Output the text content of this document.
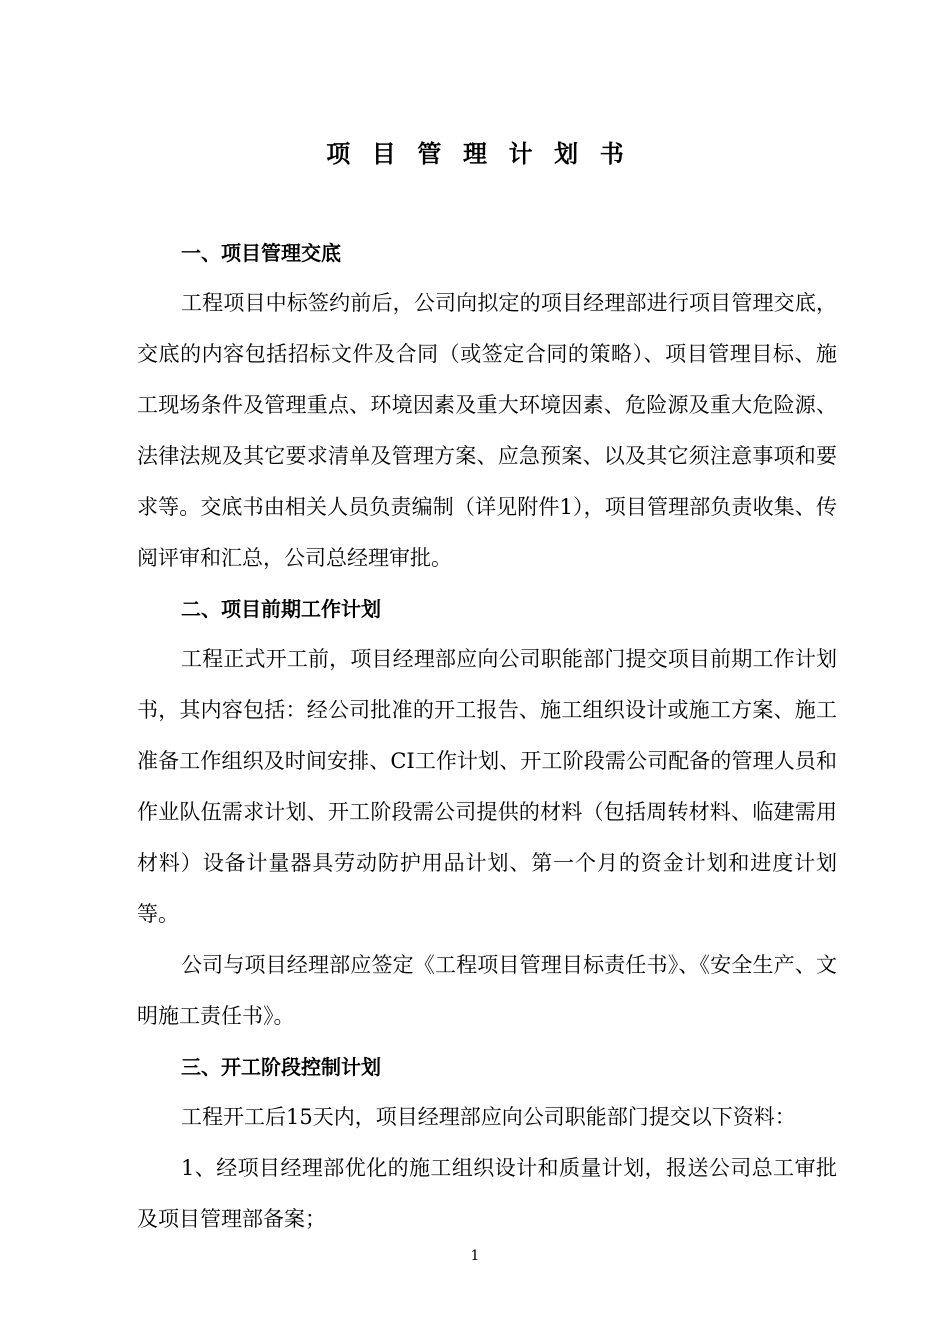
项目管理计划书

一、项目管理交底

工程项目中标签约前后，公司向拟定的项目经理部进行项目管理交底，交底的内容包括招标文件及合同（或签定合同的策略）、项目管理目标、施工现场条件及管理重点、环境因素及重大环境因素、危险源及重大危险源、法律法规及其它要求清单及管理方案、应急预案、以及其它须注意事项和要求等。交底书由相关人员负责编制（详见附件1），项目管理部负责收集、传阅评审和汇总，公司总经理审批。

二、项目前期工作计划

工程正式开工前，项目经理部应向公司职能部门提交项目前期工作计划书，其内容包括：经公司批准的开工报告、施工组织设计或施工方案、施工准备工作组织及时间安排、CI工作计划、开工阶段需公司配备的管理人员和作业队伍需求计划、开工阶段需公司提供的材料（包括周转材料、临建需用材料）设备计量器具劳动防护用品计划、第一个月的资金计划和进度计划等。

公司与项目经理部应签定《工程项目管理目标责任书》、《安全生产、文明施工责任书》。

三、开工阶段控制计划

工程开工后15天内，项目经理部应向公司职能部门提交以下资料：

1、经项目经理部优化的施工组织设计和质量计划，报送公司总工审批及项目管理部备案；

1
